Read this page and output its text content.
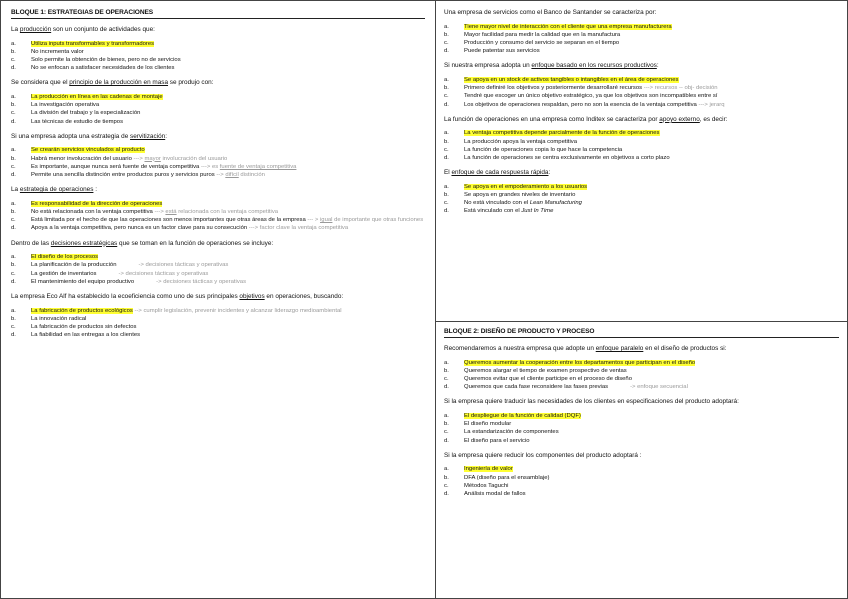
BLOQUE 1: ESTRATEGIAS DE OPERACIONES
La producción son un conjunto de actividades que:
a.	Utiliza inputs transformables y transformadores
b.	No incrementa valor
c.	Solo permite la obtención de bienes, pero no de servicios
d.	No se enfocan a satisfacer necesidades de los clientes
Se considera que el principio de la producción en masa se produjo con:
a.	La producción en línea en las cadenas de montaje
b.	La investigación operativa
c.	La división del trabajo y la especialización
d.	Las técnicas de estudio de tiempos
Si una empresa adopta una estrategia de servitización:
a.	Se crearán servicios vinculados al producto
b.	Habrá menor involucración del usuario ---> mayor involucración del usuario
c.	Es importante, aunque nunca será fuente de ventaja competitiva ---> es fuente de ventaja competitiva
d.	Permite una sencilla distinción entre productos puros y servicios puros --> difícil distinción
La estrategia de operaciones :
a.	Es responsabilidad de la dirección de operaciones
b.	No está relacionada con la ventaja competitiva ---> está relacionada con la ventaja competitiva
c.	Está limitada por el hecho de que las operaciones son menos importantes que otras áreas de la empresa --- > igual de importante que otras funciones
d.	Apoya a la ventaja competitiva, pero nunca es un factor clave para su consecución ---> factor clave la ventaja competitiva
Dentro de las decisiones estratégicas que se toman en la función de operaciones se incluye:
a.	El diseño de los procesos
b.	La planificación de la producción	-> decisiones tácticas y operativas
c.	La gestión de inventarios	-> decisiones tácticas y operativas
d.	El mantenimiento del equipo productivo	-> decisiones tácticas y operativas
La empresa Eco Alf ha establecido la ecoeficiencia como uno de sus principales objetivos en operaciones, buscando:
a.	La fabricación de productos ecológicos --> cumplir legislación, prevenir incidentes y alcanzar liderazgo medioambiental
b.	La innovación radical
c.	La fabricación de productos sin defectos
d.	La fiabilidad en las entregas a los clientes
Una empresa de servicios como el Banco de Santander se caracteriza por:
a.	Tiene mayor nivel de interacción con el cliente que una empresa manufacturera
b.	Mayor facilidad para medir la calidad que en la manufactura
c.	Producción y consumo del servicio se separan en el tiempo
d.	Puede patentar sus servicios
Si nuestra empresa adopta un enfoque basado en los recursos productivos:
a.	Se apoya en un stock de activos tangibles o intangibles en el área de operaciones
b.	Primero definiré los objetivos y posteriormente desarrollaré recursos ---> recursos -- obj- decisión
c.	Tendré que escoger un único objetivo estratégico, ya que los objetivos son incompatibles entre sí
d.	Los objetivos de operaciones respaldan, pero no son la esencia de la ventaja competitiva ---> jerarq
La función de operaciones en una empresa como Inditex se caracteriza por apoyo externo, es decir:
a.	La ventaja competitiva depende parcialmente de la función de operaciones
b.	La producción apoya la ventaja competitiva
c.	La función de operaciones copia lo que hace la competencia
d.	La función de operaciones se centra exclusivamente en objetivos a corto plazo
El enfoque de cada respuesta rápida:
a.	Se apoya en el empoderamiento a los usuarios
b.	Se apoya en grandes niveles de inventario
c.	No está vinculado con el Lean Manufacturing
d.	Está vinculado con el Just In Time
BLOQUE 2: DISEÑO DE PRODUCTO Y PROCESO
Recomendaremos a nuestra empresa que adopte un enfoque paralelo en el diseño de productos si:
a.	Queremos aumentar la cooperación entre los departamentos que participan en el diseño
b.	Queremos alargar el tiempo de examen prospectivo de ventas
c.	Queremos evitar que el cliente participe en el proceso de diseño
d.	Queremos que cada fase reconsidere las fases previas	-> enfoque secuencial
Si la empresa quiere traducir las necesidades de los clientes en especificaciones del producto adoptará:
a.	El despliegue de la función de calidad (DQF)
b.	El diseño modular
c.	La estandarización de componentes
d.	El diseño para el servicio
Si la empresa quiere reducir los componentes del producto adoptará :
a.	Ingeniería de valor
b.	DFA (diseño para el ensamblaje)
c.	Métodos Taguchi
d.	Análisis modal de fallos
